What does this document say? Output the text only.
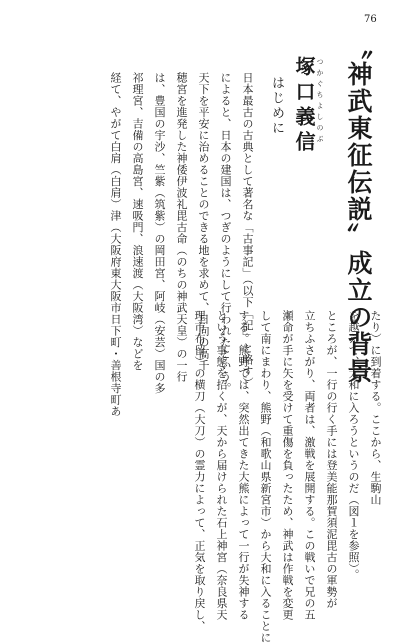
76
〝神武東征伝説〟成立の背景
つかぐちよしのぶ
塚口義信
はじめに
日本最古の古典として著名な「古事記」（以下「記」と略す）
によると、日本の建国は、つぎのようにして行われたという。
天下を平安に治めることのできる地を求めて、日向の高千
穂宮を進発した神倭伊波礼毘古命（のちの神武天皇）の一行
は、豊国の宇沙、竺紫（筑紫）の岡田宮、阿岐（安芸）国の多
祁理宮、吉備の高島宮、速吸門、浪速渡（大阪湾）などを
経て、やがて白肩（白肩）津（大阪府東大阪市日下町・善根寺町あ	たり）に到着する。ここから、生駒山
を越えて、大和に入ろうというのだ（図１を参照）。
ところが、一行の行く手には登美能那賀須泥毘古の軍勢が
立ちふさがり、両者は、激戦を展開する。この戦いで兄の五
瀬命が手に矢を受けて重傷を負ったため、神武は作戦を変更
して南にまわり、熊野（和歌山県新宮市）から大和に入ることに
する。熊野では、突然出てきた大熊によって一行が失神する
という事態を招くが、天から届けられた石上神宮（奈良県天
理市布留）の横刀（大刀）の霊力によって、正気を取り戻し、
